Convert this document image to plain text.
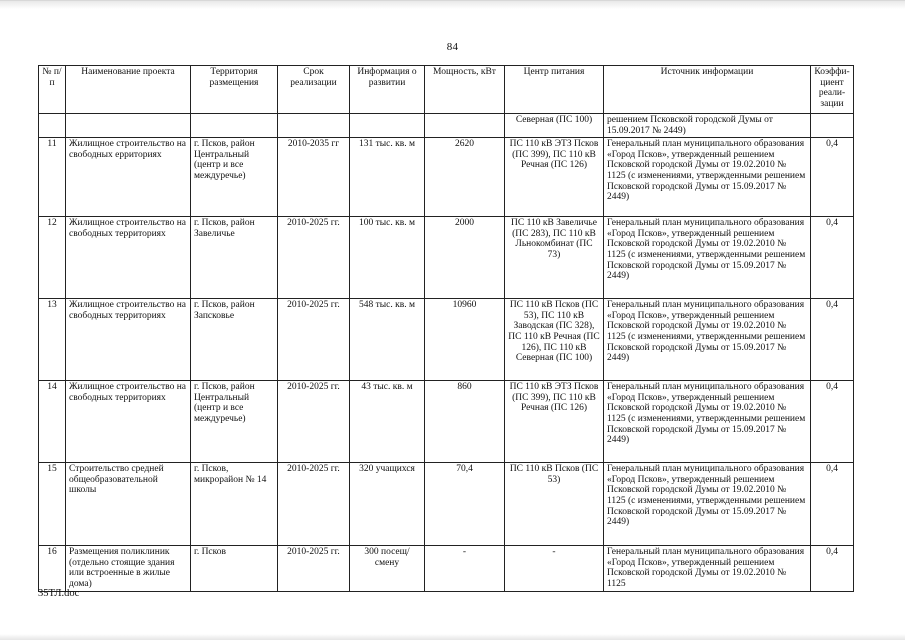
84
№ п/п	Наименование проекта	Территория размещения	Срок реализации	Информация о развитии	Мощность, кВт	Центр питания	Источник информации	Коэффи-циент реали-зации
						Северная (ПС 100)	решением Псковской городской Думы от 15.09.2017 № 2449)	
11	Жилищное строительство на свободных ерриториях	г. Псков, район Центральный (центр и все междуречье)	2010-2035 гг	131 тыс. кв. м	2620	ПС 110 кВ ЭТЗ Псков (ПС 399), ПС 110 кВ Речная (ПС 126)	Генеральный план муниципального образования «Город Псков», утвержденный решением Псковской городской Думы от 19.02.2010 № 1125 (с изменениями, утвержденными решением Псковской городской Думы от 15.09.2017 № 2449)	0,4
12	Жилищное строительство на свободных территориях	г. Псков, район Завеличье	2010-2025 гг.	100 тыс. кв. м	2000	ПС 110 кВ Завеличье (ПС 283), ПС 110 кВ Льнокомбинат (ПС 73)	Генеральный план муниципального образования «Город Псков», утвержденный решением Псковской городской Думы от 19.02.2010 № 1125 (с изменениями, утвержденными решением Псковской городской Думы от 15.09.2017 № 2449)	0,4
13	Жилищное строительство на свободных территориях	г. Псков, район Запсковье	2010-2025 гг.	548 тыс. кв. м	10960	ПС 110 кВ Псков (ПС 53), ПС 110 кВ Заводская (ПС 328), ПС 110 кВ Речная (ПС 126), ПС 110 кВ Северная (ПС 100)	Генеральный план муниципального образования «Город Псков», утвержденный решением Псковской городской Думы от 19.02.2010 № 1125 (с изменениями, утвержденными решением Псковской городской Думы от 15.09.2017 № 2449)	0,4
14	Жилищное строительство на свободных территориях	г. Псков, район Центральный (центр и все междуречье)	2010-2025 гг.	43 тыс. кв. м	860	ПС 110 кВ ЭТЗ Псков (ПС 399), ПС 110 кВ Речная (ПС 126)	Генеральный план муниципального образования «Город Псков», утвержденный решением Псковской городской Думы от 19.02.2010 № 1125 (с изменениями, утвержденными решением Псковской городской Думы от 15.09.2017 № 2449)	0,4
15	Строительство средней общеобразовательной школы	г. Псков, микрорайон № 14	2010-2025 гг.	320 учащихся	70,4	ПС 110 кВ Псков (ПС 53)	Генеральный план муниципального образования «Город Псков», утвержденный решением Псковской городской Думы от 19.02.2010 № 1125 (с изменениями, утвержденными решением Псковской городской Думы от 15.09.2017 № 2449)	0,4
16	Размещения поликлиник (отдельно стоящие здания или встроенные в жилые дома)	г. Псков	2010-2025 гг.	300 посещ/смену	-	-	Генеральный план муниципального образования «Город Псков», утвержденный решением Псковской городской Думы от 19.02.2010 № 1125	0,4
35ТЛ.doc
